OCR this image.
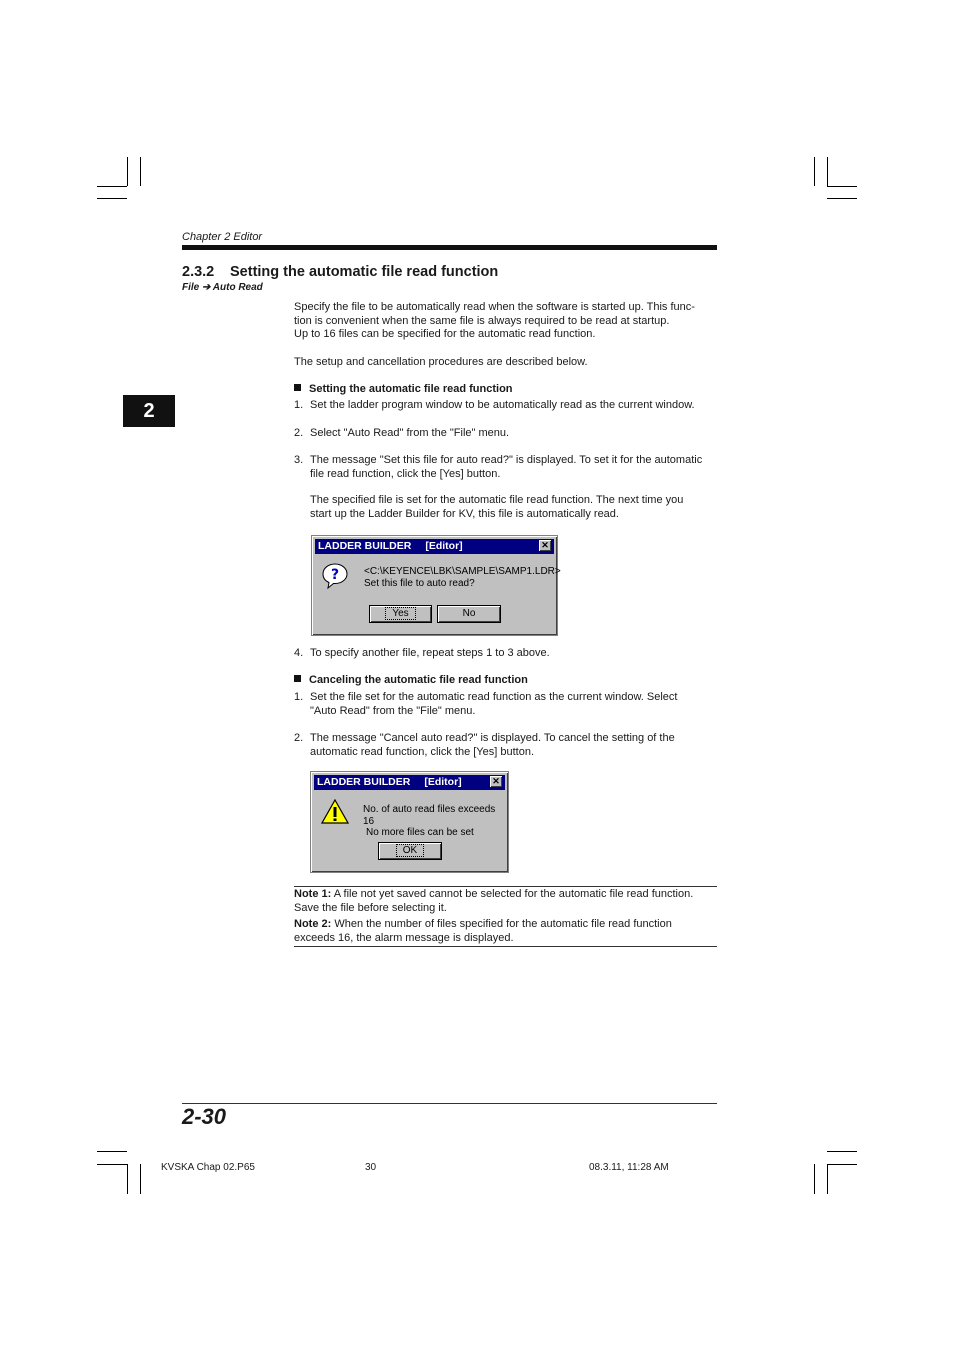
Chapter 2 Editor
2.3.2 Setting the automatic file read function
File ➔ Auto Read
2
Specify the file to be automatically read when the software is started up. This func-
tion is convenient when the same file is always required to be read at startup.
Up to 16 files can be specified for the automatic read function.
The setup and cancellation procedures are described below.
Setting the automatic file read function
1. Set the ladder program window to be automatically read as the current window.
2. Select "Auto Read" from the "File" menu.
3. The message "Set this file for auto read?" is displayed. To set it for the automatic
file read function, click the [Yes] button.
The specified file is set for the automatic file read function. The next time you
start up the Ladder Builder for KV, this file is automatically read.
LADDER BUILDER [Editor]	✕
? <C:\KEYENCE\LBK\SAMPLE\SAMP1.LDR>
Set this file to auto read?
Yes	No
4. To specify another file, repeat steps 1 to 3 above.
Canceling the automatic file read function
1. Set the file set for the automatic read function as the current window. Select
"Auto Read" from the "File" menu.
2. The message "Cancel auto read?" is displayed. To cancel the setting of the
automatic read function, click the [Yes] button.
LADDER BUILDER [Editor]	✕
No. of auto read files exceeds 16
No more files can be set
OK
Note 1: A file not yet saved cannot be selected for the automatic file read function.
Save the file before selecting it.
Note 2: When the number of files specified for the automatic file read function
exceeds 16, the alarm message is displayed.
2-30
KVSKA Chap 02.P65	30	08.3.11, 11:28 AM
